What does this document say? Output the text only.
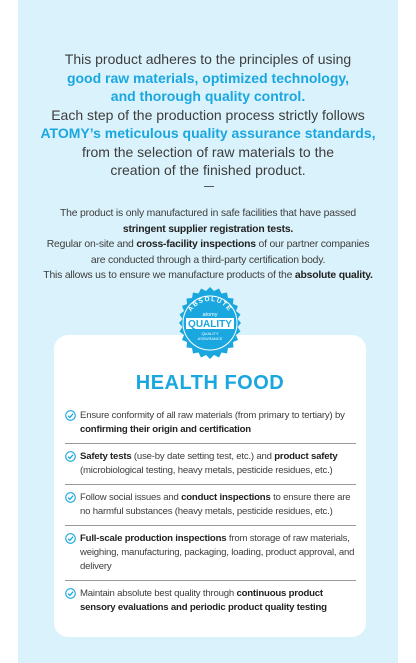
This product adheres to the principles of using
good raw materials, optimized technology,
and thorough quality control.
Each step of the production process strictly follows
ATOMY’s meticulous quality assurance standards,
from the selection of raw materials to the
creation of the finished product.
The product is only manufactured in safe facilities that have passed
stringent supplier registration tests.
Regular on-site and cross-facility inspections of our partner companies
are conducted through a third-party certification body.
This allows us to ensure we manufacture products of the absolute quality.
ABSOLUTE
atomy
QUALITY
QUALITY
ASSURANCE
HEALTH FOOD
Ensure conformity of all raw materials (from primary to tertiary) by confirming their origin and certification
Safety tests (use-by date setting test, etc.) and product safety (microbiological testing, heavy metals, pesticide residues, etc.)
Follow social issues and conduct inspections to ensure there are no harmful substances (heavy metals, pesticide residues, etc.)
Full-scale production inspections from storage of raw materials, weighing, manufacturing, packaging, loading, product approval, and delivery
Maintain absolute best quality through continuous product sensory evaluations and periodic product quality testing
